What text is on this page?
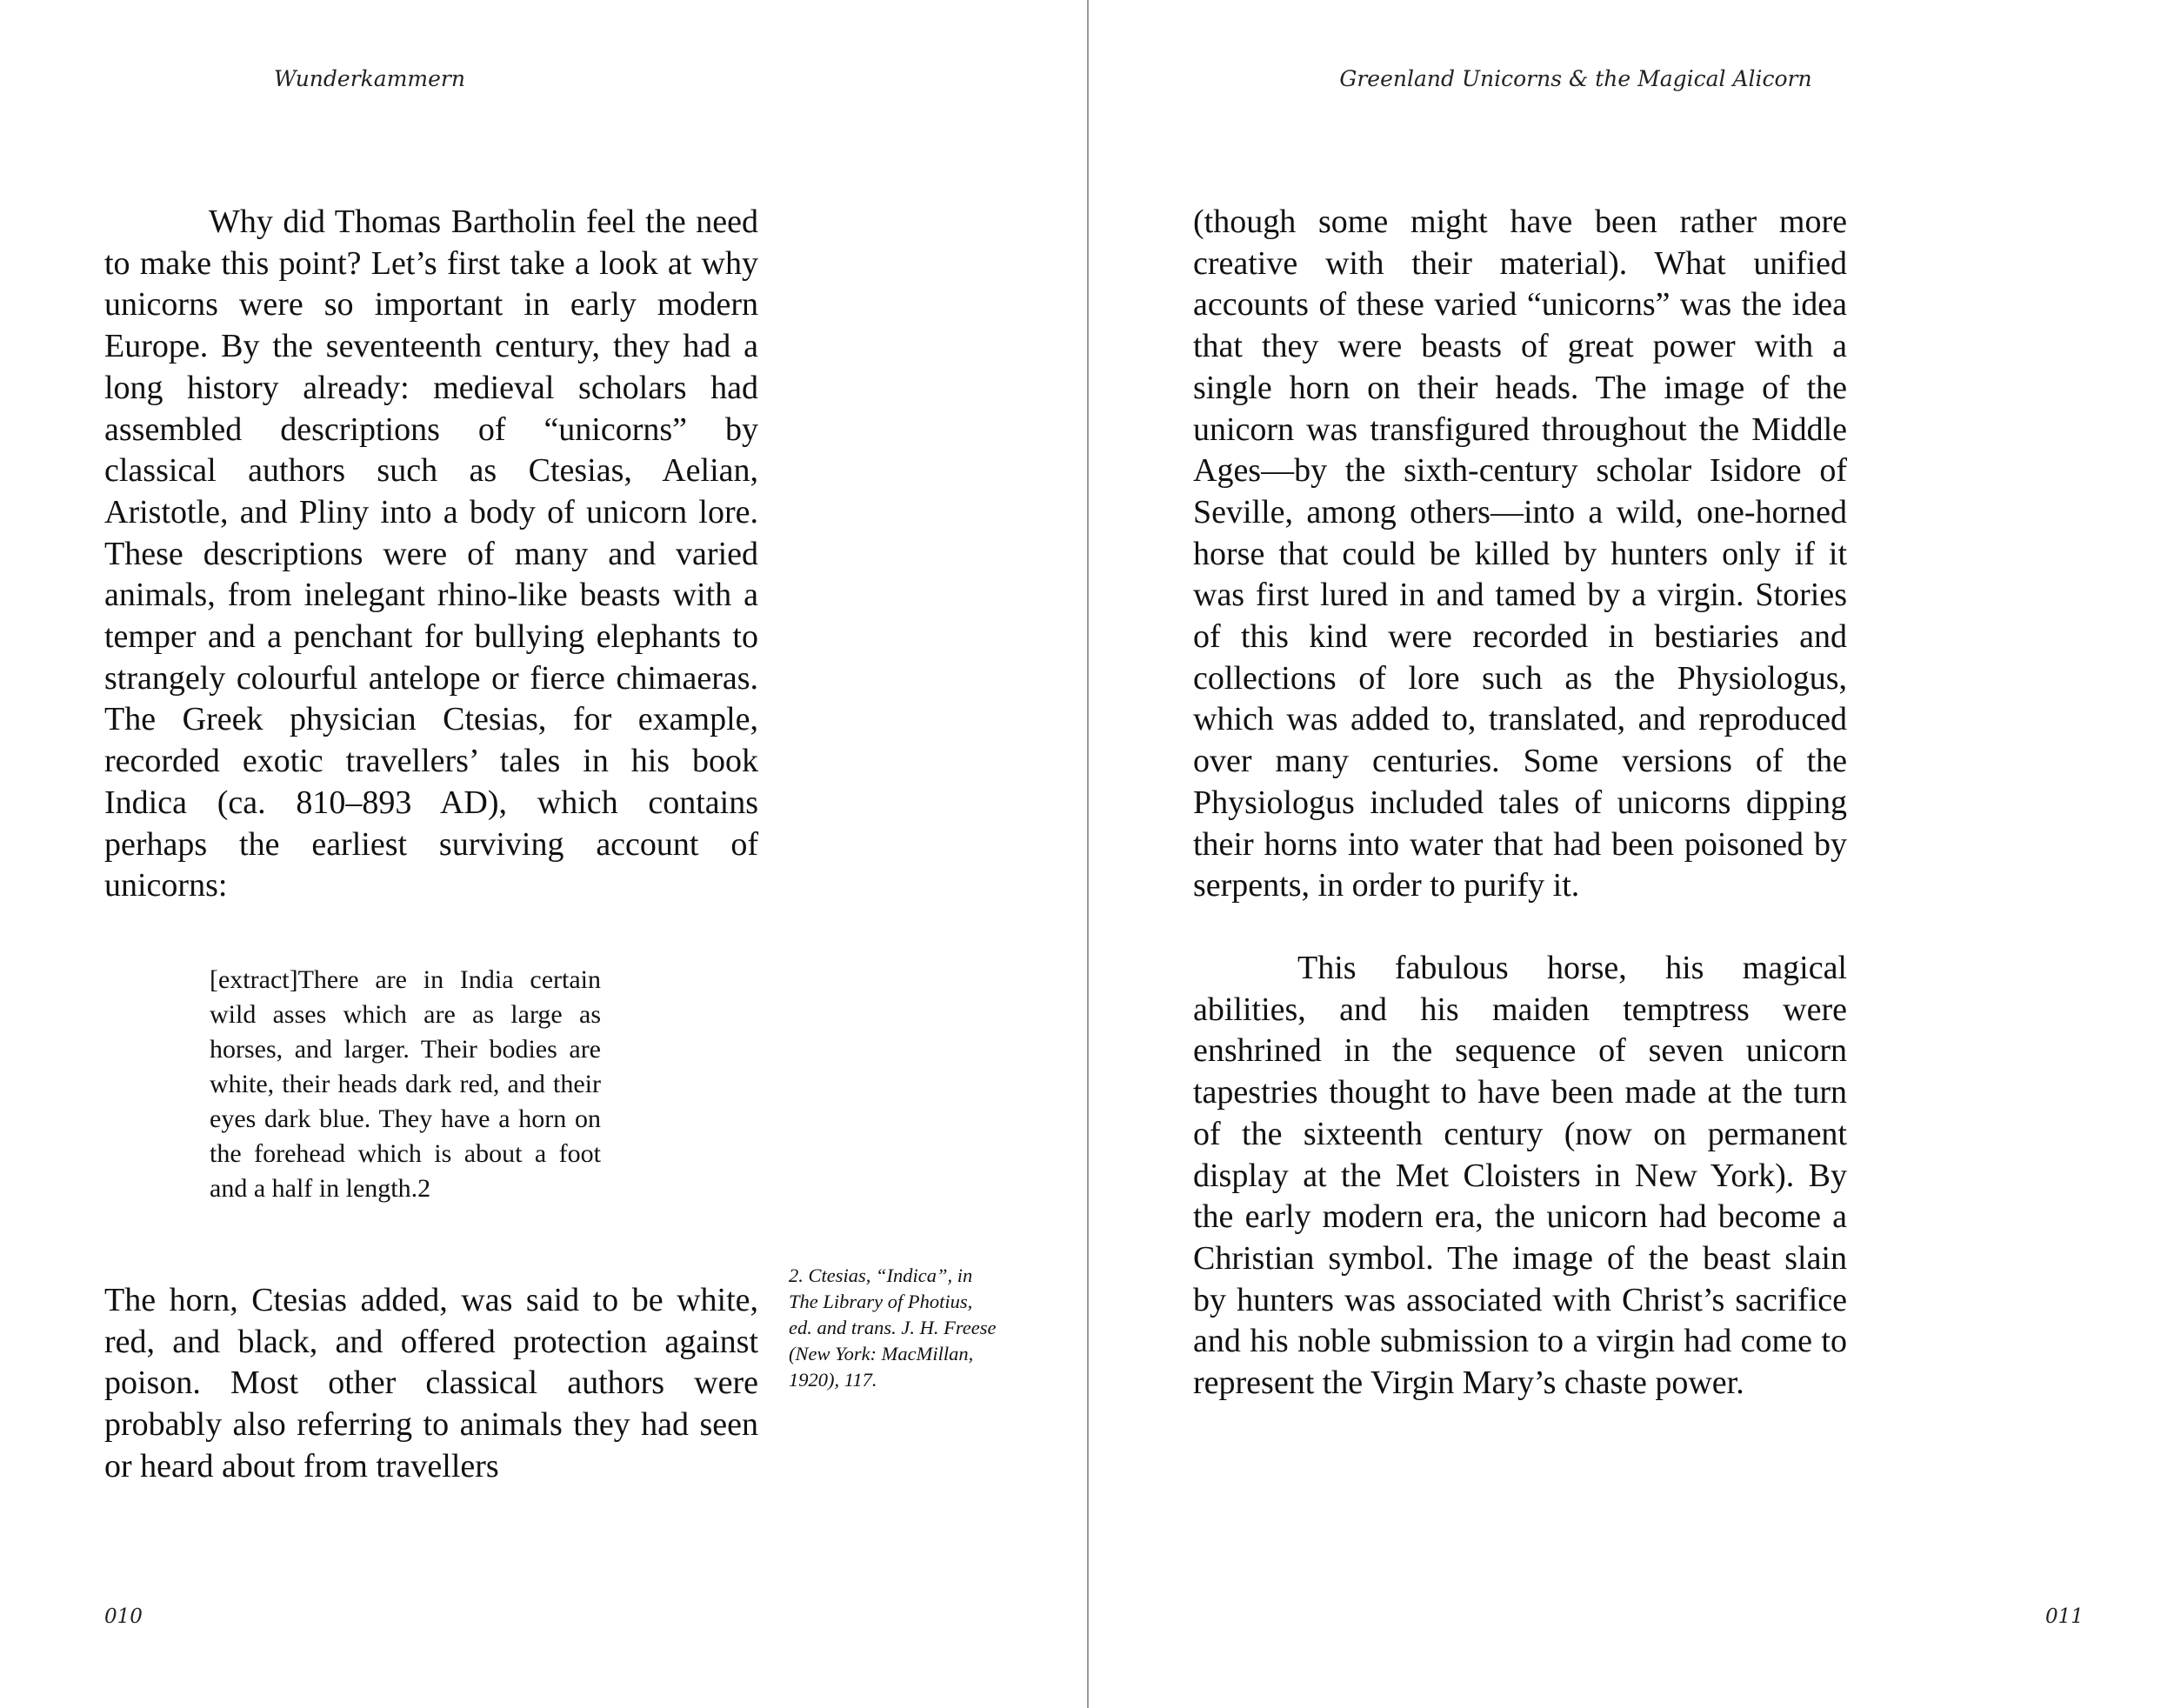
Wunderkammern

Why did Thomas Bartholin feel the need to make this point? Let’s first take a look at why unicorns were so important in early modern Europe. By the seventeenth century, they had a long history already: medieval scholars had assembled descriptions of “unicorns” by classical authors such as Ctesias, Aelian, Aristotle, and Pliny into a body of unicorn lore. These descriptions were of many and varied animals, from inelegant rhino-like beasts with a temper and a penchant for bullying elephants to strangely colourful antelope or fierce chimaeras. The Greek physician Ctesias, for example, recorded exotic travellers’ tales in his book Indica (ca. 810–893 AD), which contains perhaps the earliest surviving account of unicorns:

[extract]There are in India certain wild asses which are as large as horses, and larger. Their bodies are white, their heads dark red, and their eyes dark blue. They have a horn on the forehead which is about a foot and a half in length.2

The horn, Ctesias added, was said to be white, red, and black, and offered protection against poison. Most other classical authors were probably also referring to animals they had seen or heard about from travellers

2. Ctesias, “Indica”, in The Library of Photius, ed. and trans. J. H. Freese (New York: MacMillan, 1920), 117.

010
Greenland Unicorns & the Magical Alicorn

(though some might have been rather more creative with their material). What unified accounts of these varied “unicorns” was the idea that they were beasts of great power with a single horn on their heads. The image of the unicorn was transfigured throughout the Middle Ages—by the sixth-century scholar Isidore of Seville, among others—into a wild, one-horned horse that could be killed by hunters only if it was first lured in and tamed by a virgin. Stories of this kind were recorded in bestiaries and collections of lore such as the Physiologus, which was added to, translated, and reproduced over many centuries. Some versions of the Physiologus included tales of unicorns dipping their horns into water that had been poisoned by serpents, in order to purify it.

This fabulous horse, his magical abilities, and his maiden temptress were enshrined in the sequence of seven unicorn tapestries thought to have been made at the turn of the sixteenth century (now on permanent display at the Met Cloisters in New York). By the early modern era, the unicorn had become a Christian symbol. The image of the beast slain by hunters was associated with Christ’s sacrifice and his noble submission to a virgin had come to represent the Virgin Mary’s chaste power.

011
